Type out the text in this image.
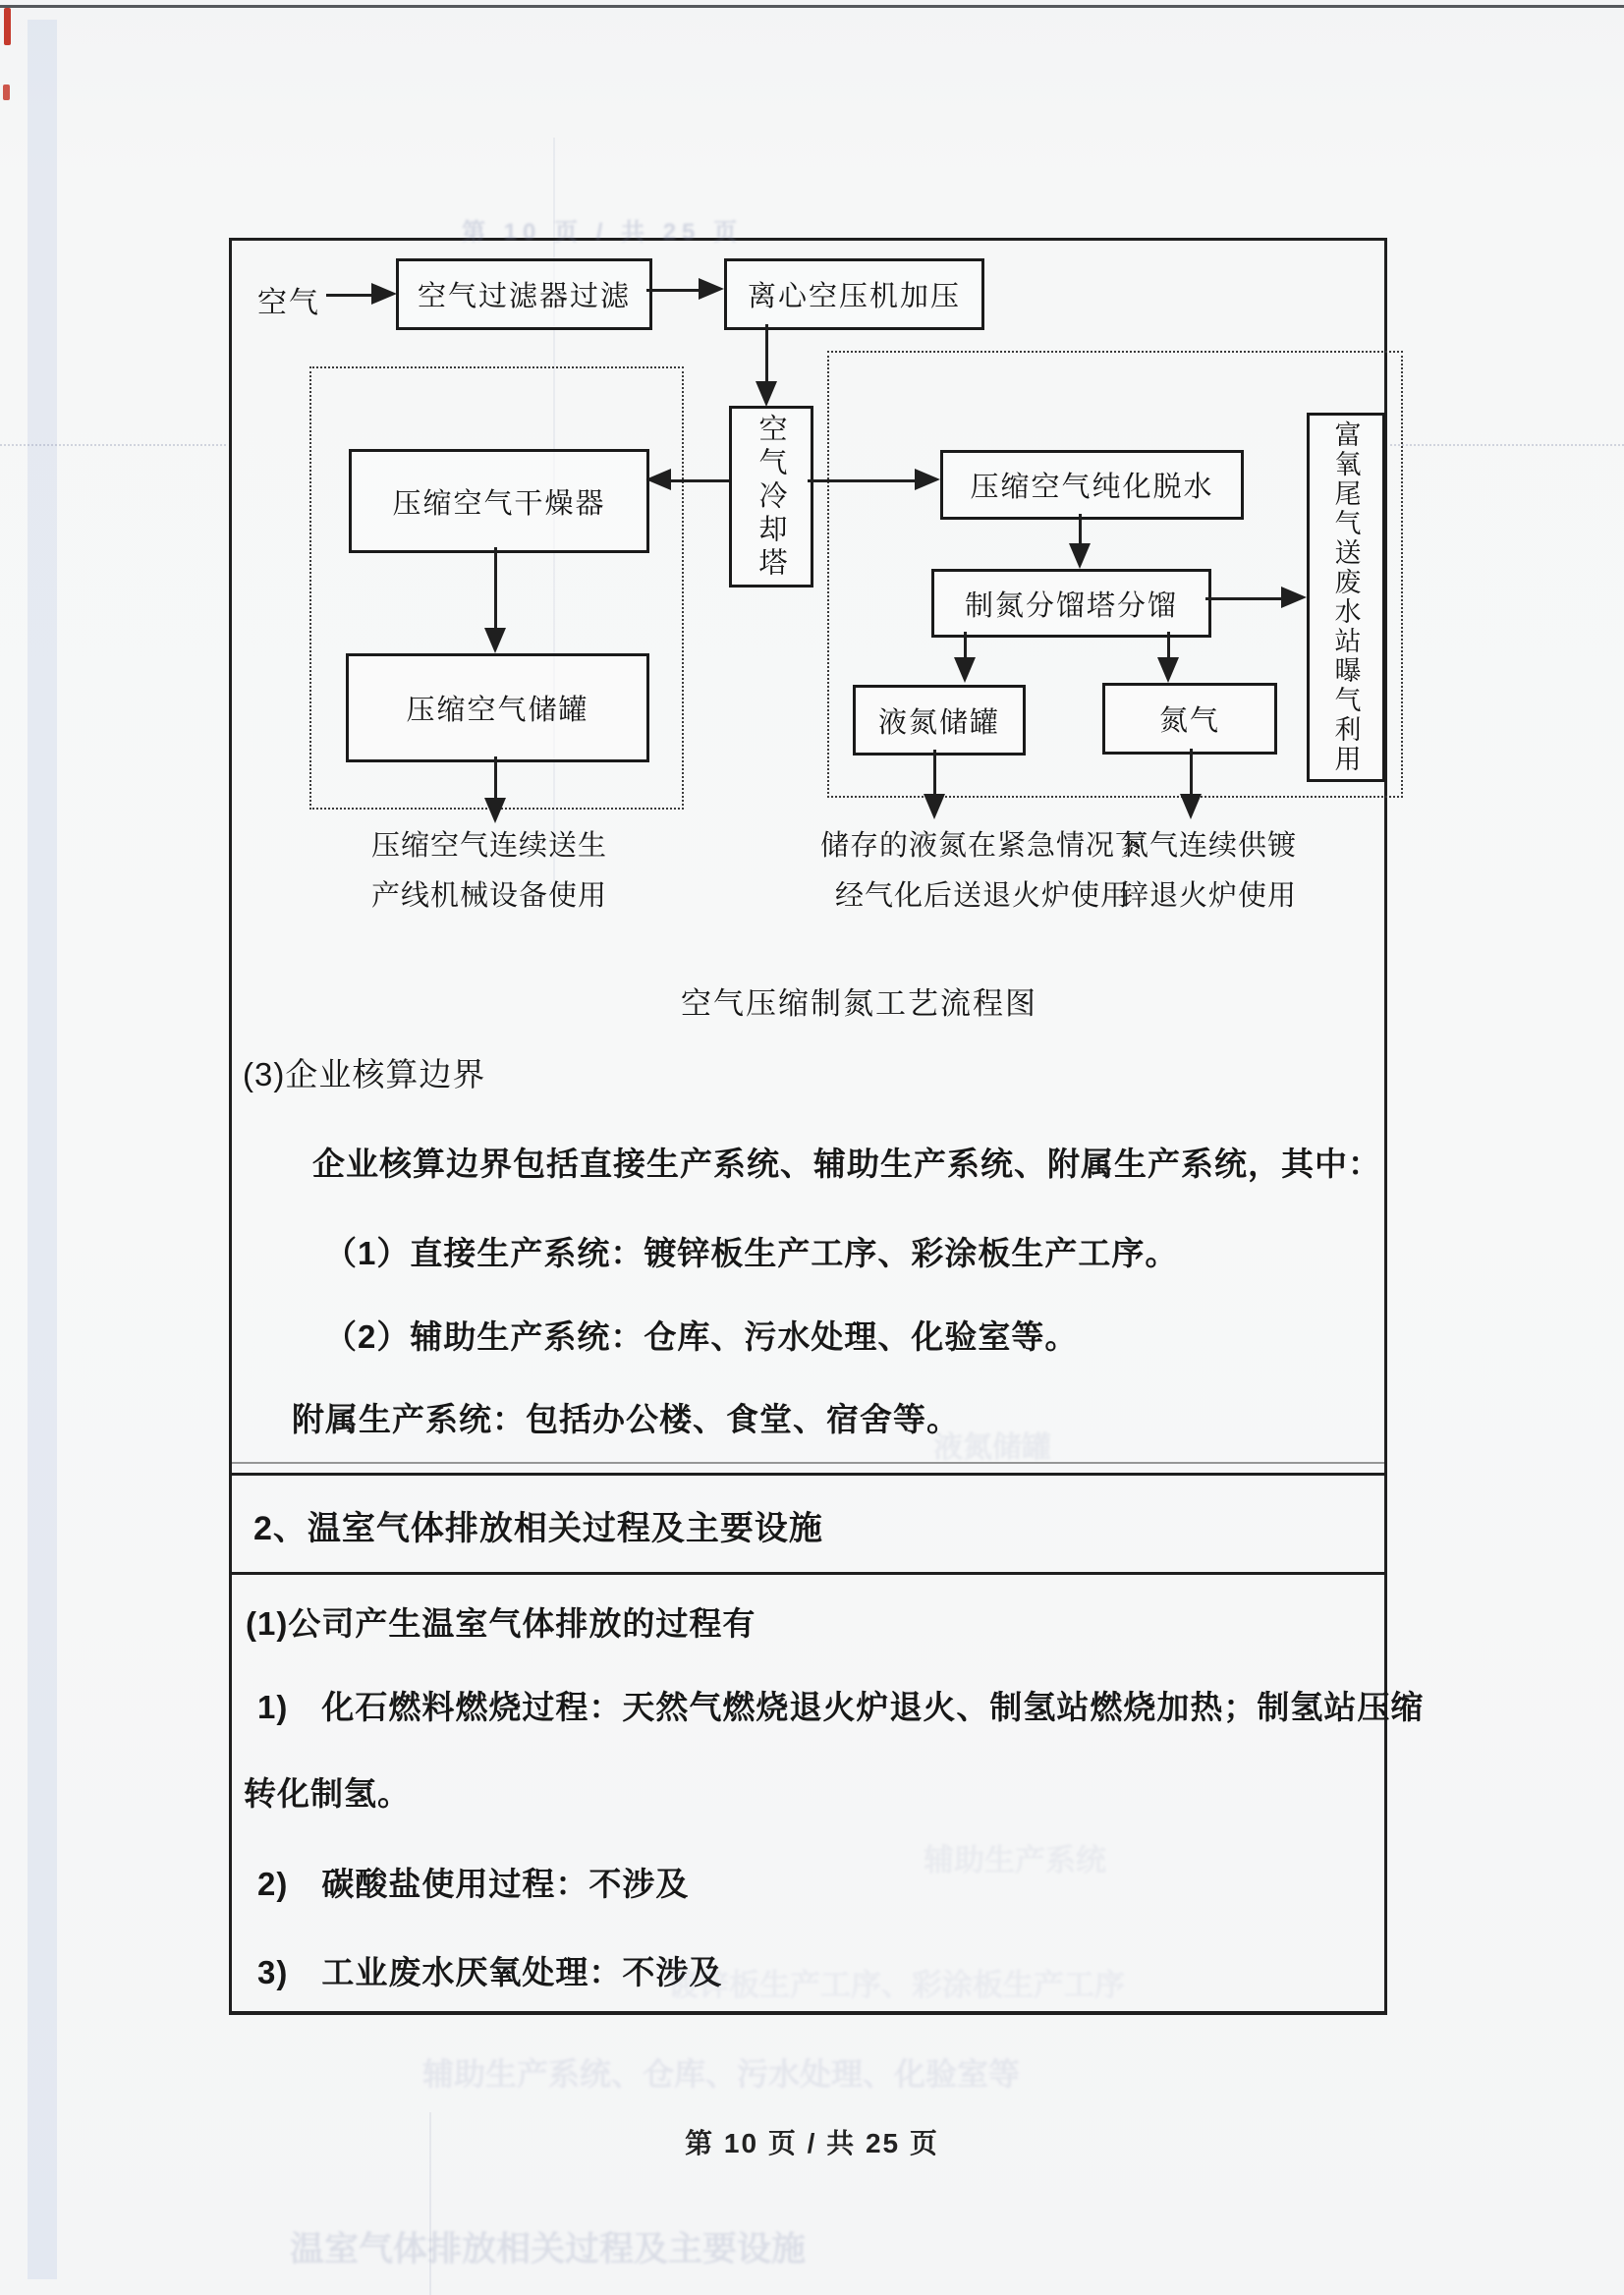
空气	空气过滤器过滤	离心空压机加压
空气冷却塔
压缩空气干燥器
压缩空气储罐
压缩空气纯化脱水
制氮分馏塔分馏	富氧尾气送废水站曝气利用
液氮储罐	氮气
压缩空气连续送生
产线机械设备使用
储存的液氮在紧急情况下
经气化后送退火炉使用
氮气连续供镀
锌退火炉使用
空气压缩制氮工艺流程图
(3)企业核算边界
企业核算边界包括直接生产系统、辅助生产系统、附属生产系统，其中：
（1）直接生产系统：镀锌板生产工序、彩涂板生产工序。
（2）辅助生产系统：仓库、污水处理、化验室等。
附属生产系统：包括办公楼、食堂、宿舍等。
2、温室气体排放相关过程及主要设施
(1)公司产生温室气体排放的过程有
1)　化石燃料燃烧过程：天然气燃烧退火炉退火、制氢站燃烧加热；制氢站压缩
转化制氢。
2)　碳酸盐使用过程：不涉及
3)　工业废水厌氧处理：不涉及
第 10 页 / 共 25 页
第 10 页 / 共 25 页
液氮储罐
辅助生产系统
镀锌板生产工序、彩涂板生产工序
辅助生产系统、仓库、污水处理、化验室等
温室气体排放相关过程及主要设施
